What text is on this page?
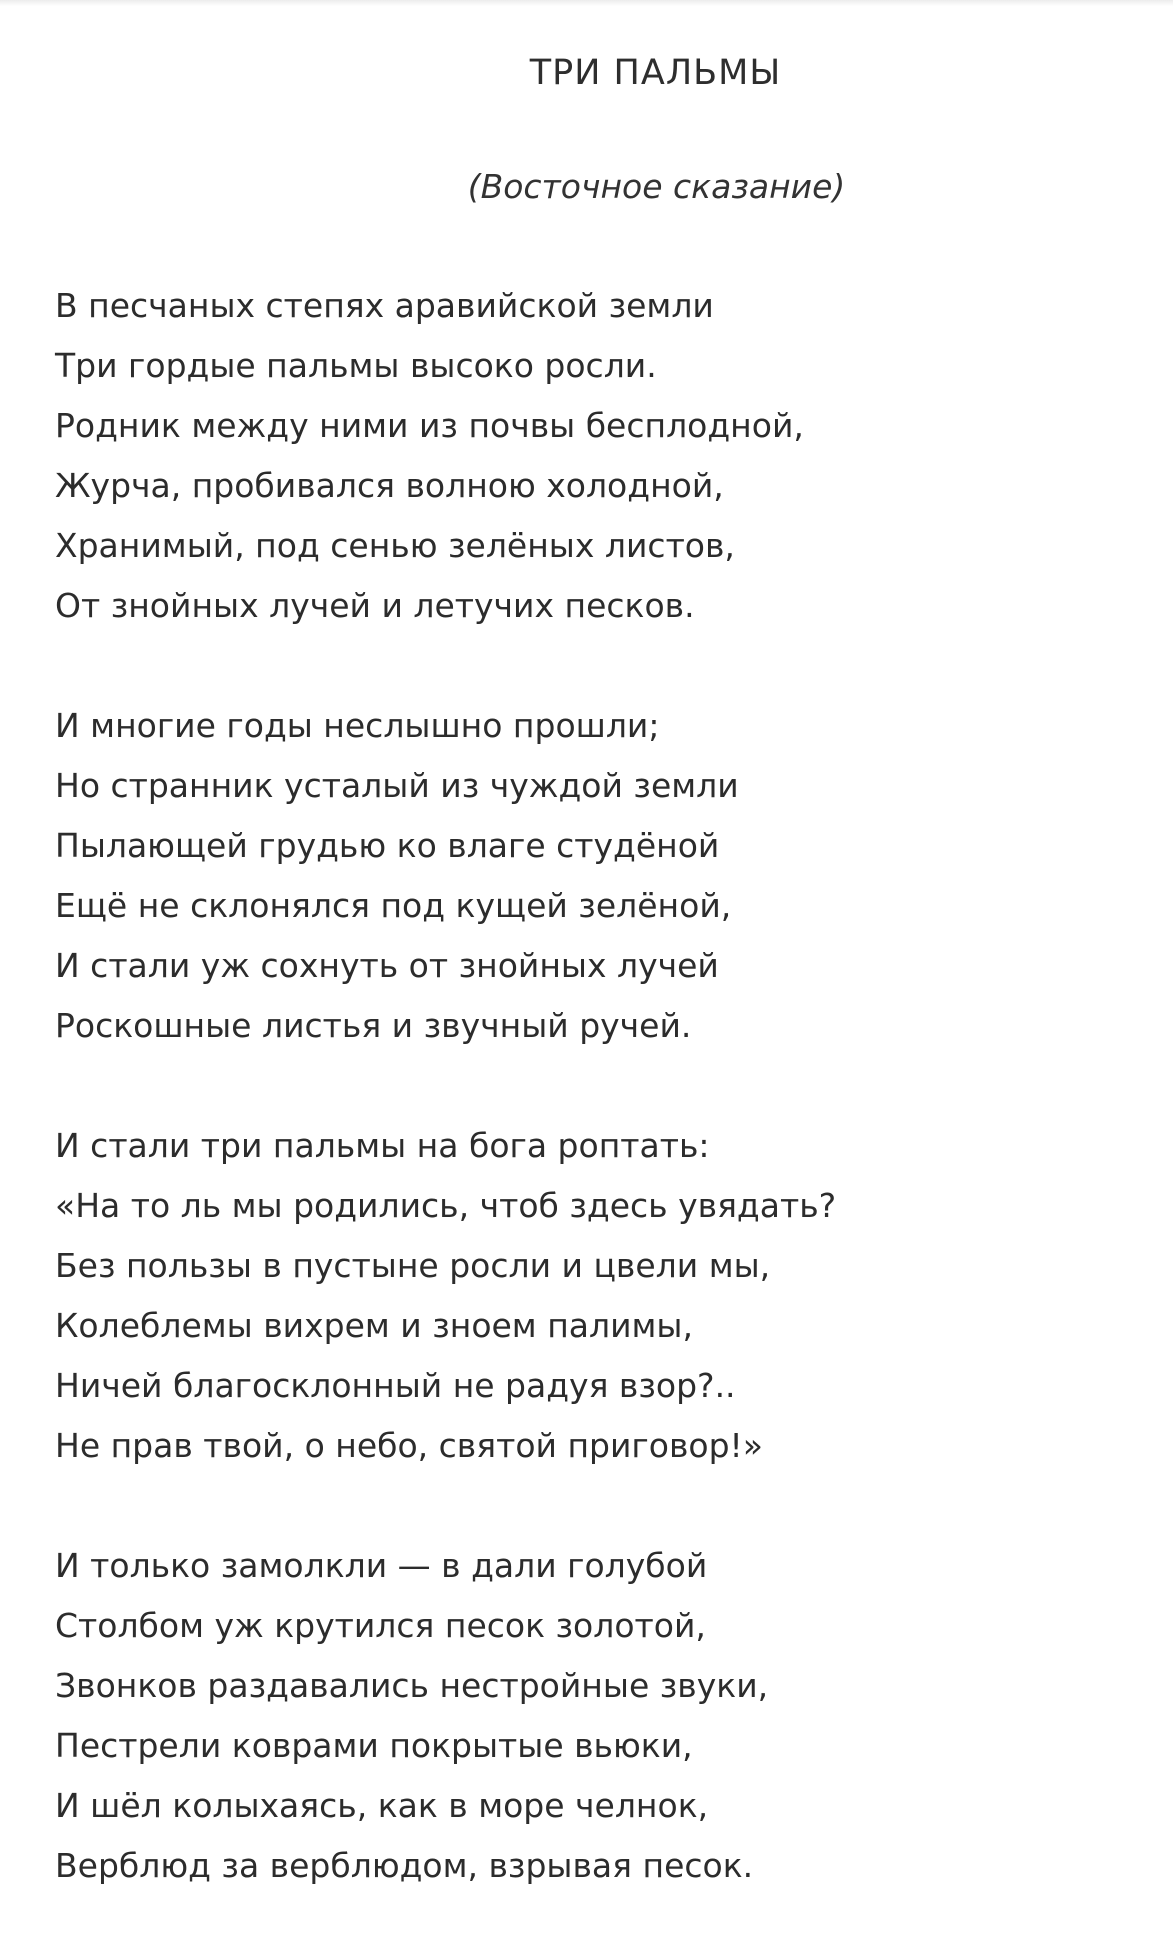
ТРИ ПАЛЬМЫ
(Восточное сказание)
В песчаных степях аравийской земли
Три гордые пальмы высоко росли.
Родник между ними из почвы бесплодной,
Журча, пробивался волною холодной,
Хранимый, под сенью зелёных листов,
От знойных лучей и летучих песков.
И многие годы неслышно прошли;
Но странник усталый из чуждой земли
Пылающей грудью ко влаге студёной
Ещё не склонялся под кущей зелёной,
И стали уж сохнуть от знойных лучей
Роскошные листья и звучный ручей.
И стали три пальмы на бога роптать:
«На то ль мы родились, чтоб здесь увядать?
Без пользы в пустыне росли и цвели мы,
Колеблемы вихрем и зноем палимы,
Ничей благосклонный не радуя взор?..
Не прав твой, о небо, святой приговор!»
И только замолкли — в дали голубой
Столбом уж крутился песок золотой,
Звонков раздавались нестройные звуки,
Пестрели коврами покрытые вьюки,
И шёл колыхаясь, как в море челнок,
Верблюд за верблюдом, взрывая песок.
